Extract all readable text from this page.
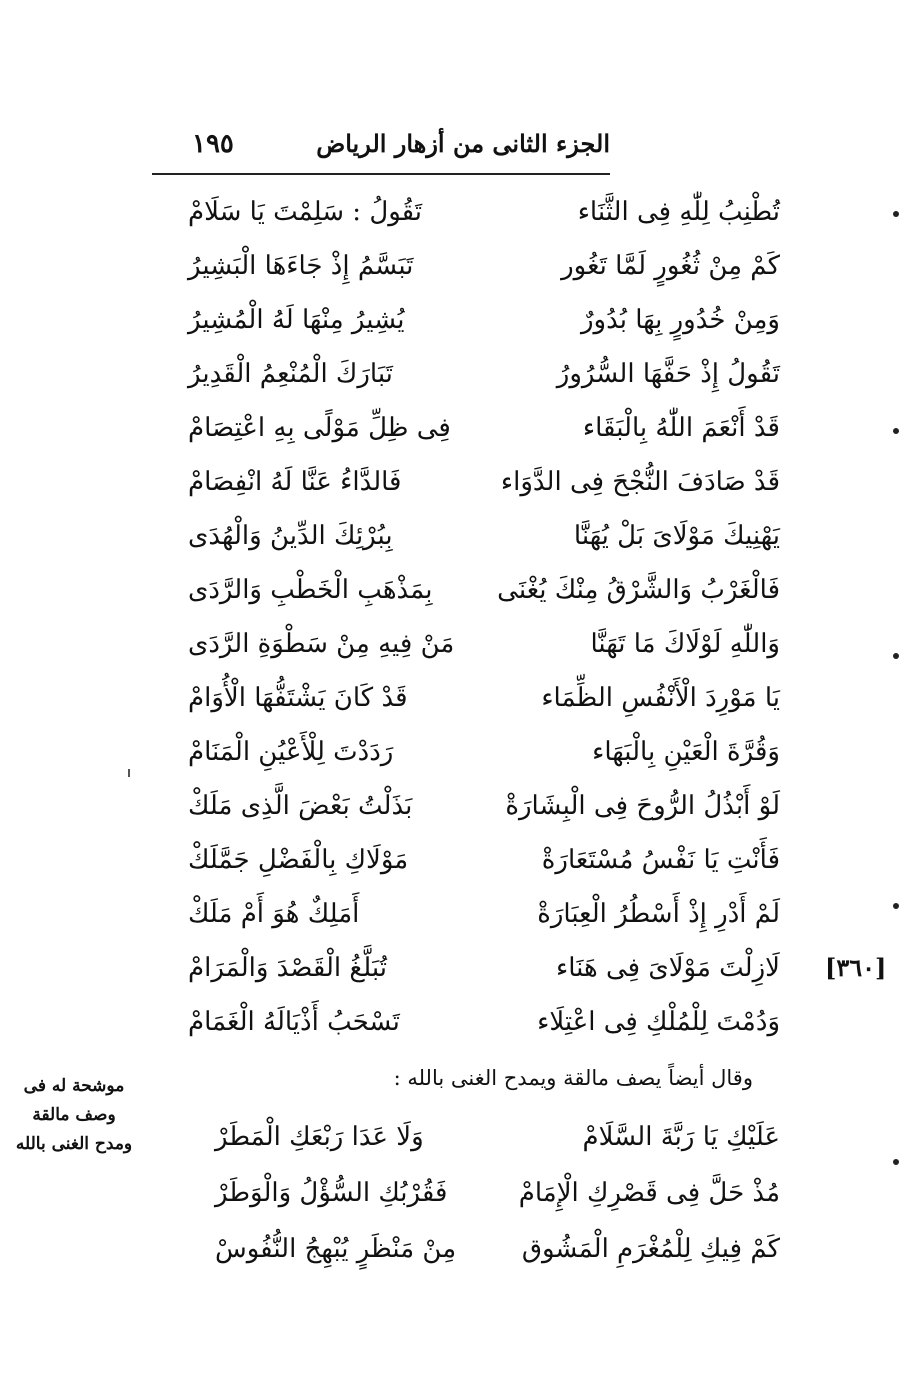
١٩٥	الجزء الثانى من أزهار الرياض
تُطْنِبُ لِلّٰهِ فِى الثَّنَاء
تَقُولُ : سَلِمْتَ يَا سَلَامْ
كَمْ مِنْ ثُغُورٍ لَمَّا تَغُور
تَبَسَّمُ إِذْ جَاءَهَا الْبَشِيرُ
وَمِنْ خُدُورٍ بِهَا بُدُورٌ
يُشِيرُ مِنْهَا لَهُ الْمُشِيرُ
تَقُولُ إِذْ حَفَّهَا السُّرُورُ
تَبَارَكَ الْمُنْعِمُ الْقَدِيرُ
قَدْ أَنْعَمَ اللّٰهُ بِالْبَقَاء
فِى ظِلِّ مَوْلًى بِهِ اعْتِصَامْ
قَدْ صَادَفَ النُّجْحَ فِى الدَّوَاء
فَالدَّاءُ عَنَّا لَهُ انْفِصَامْ
يَهْنِيكَ مَوْلَاىَ بَلْ يُهَنَّا
بِبُرْئِكَ الدِّينُ وَالْهُدَى
فَالْغَرْبُ وَالشَّرْقُ مِنْكَ يُغْنَى
بِمَذْهَبِ الْخَطْبِ وَالرَّدَى
وَاللّٰهِ لَوْلَاكَ مَا تَهَنَّا
مَنْ فِيهِ مِنْ سَطْوَةِ الرَّدَى
يَا مَوْرِدَ الْأَنْفُسِ الظِّمَاء
قَدْ كَانَ يَشْتَفُّهَا الْأُوَامْ
وَقُرَّةَ الْعَيْنِ بِالْبَهَاء
رَدَدْتَ لِلْأَعْيُنِ الْمَنَامْ
لَوْ أَبْذُلُ الرُّوحَ فِى الْبِشَارَةْ
بَذَلْتُ بَعْضَ الَّذِى مَلَكْ
فَأَنْتِ يَا نَفْسُ مُسْتَعَارَةْ
مَوْلَاكِ بِالْفَضْلِ جَمَّلَكْ
لَمْ أَدْرِ إِذْ أَسْطُرُ الْعِبَارَةْ
أَمَلِكٌ هُوَ أَمْ مَلَكْ
لَازِلْتَ مَوْلَاىَ فِى هَنَاء
تُبَلَّغُ الْقَصْدَ وَالْمَرَامْ
وَدُمْتَ لِلْمُلْكِ فِى اعْتِلَاء
تَسْحَبُ أَذْيَالَهُ الْغَمَامْ
[٣٦٠]
وقال أيضاً يصف مالقة ويمدح الغنى بالله :
موشحة له فى
وصف مالقة
ومدح الغنى بالله	عَلَيْكِ يَا رَبَّةَ السَّلَامْ
وَلَا عَدَا رَبْعَكِ الْمَطَرْ
مُذْ حَلَّ فِى قَصْرِكِ الْإِمَامْ
فَقُرْبُكِ السُّؤْلُ وَالْوَطَرْ
كَمْ فِيكِ لِلْمُغْرَمِ الْمَشُوق
مِنْ مَنْظَرٍ يُبْهِجُ النُّفُوسْ
